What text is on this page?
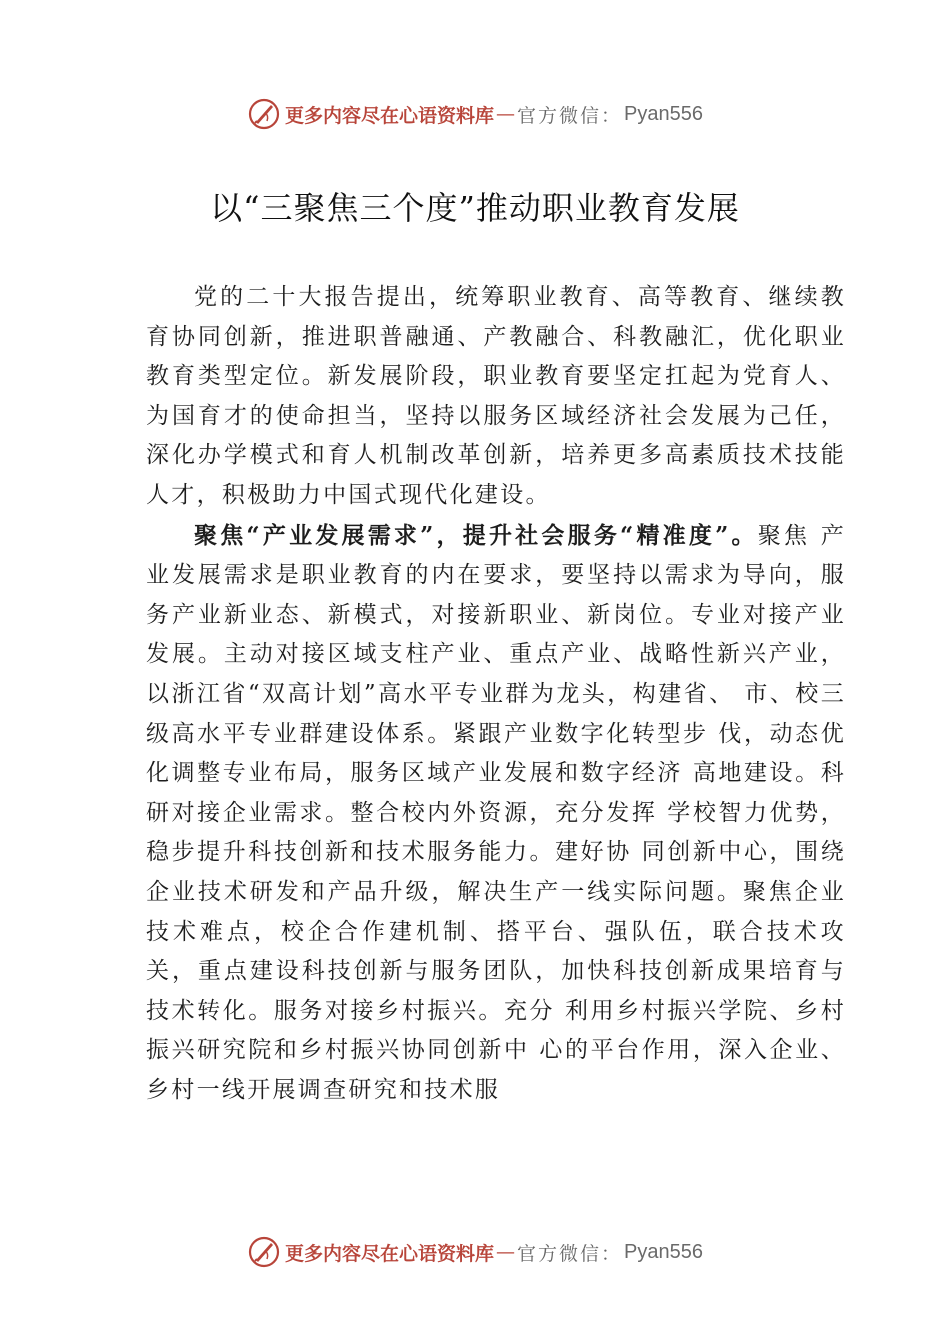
更多内容尽在心语资料库 — 官方微信： Pyan556
以“三聚焦三个度”推动职业教育发展

党的二十大报告提出，统筹职业教育、高等教育、继续教育协同创新，推进职普融通、产教融合、科教融汇，优化职业教育类型定位。新发展阶段，职业教育要坚定扛起为党育人、为国育才的使命担当，坚持以服务区域经济社会发展为己任，深化办学模式和育人机制改革创新，培养更多高素质技术技能人才，积极助力中国式现代化建设。

聚焦“产业发展需求”，提升社会服务“精准度”。聚焦 产业发展需求是职业教育的内在要求，要坚持以需求为导向，服务产业新业态、新模式，对接新职业、新岗位。专业对接产业发展。主动对接区域支柱产业、重点产业、战略性新兴产业，以浙江省“双高计划”高水平专业群为龙头，构建省、 市、校三级高水平专业群建设体系。紧跟产业数字化转型步 伐，动态优化调整专业布局，服务区域产业发展和数字经济 高地建设。科研对接企业需求。整合校内外资源，充分发挥 学校智力优势，稳步提升科技创新和技术服务能力。建好协 同创新中心，围绕企业技术研发和产品升级，解决生产一线实际问题。聚焦企业技术难点，校企合作建机制、搭平台、强队伍，联合技术攻关，重点建设科技创新与服务团队，加快科技创新成果培育与技术转化。服务对接乡村振兴。充分 利用乡村振兴学院、乡村振兴研究院和乡村振兴协同创新中 心的平台作用，深入企业、乡村一线开展调查研究和技术服

更多内容尽在心语资料库 — 官方微信： Pyan556
